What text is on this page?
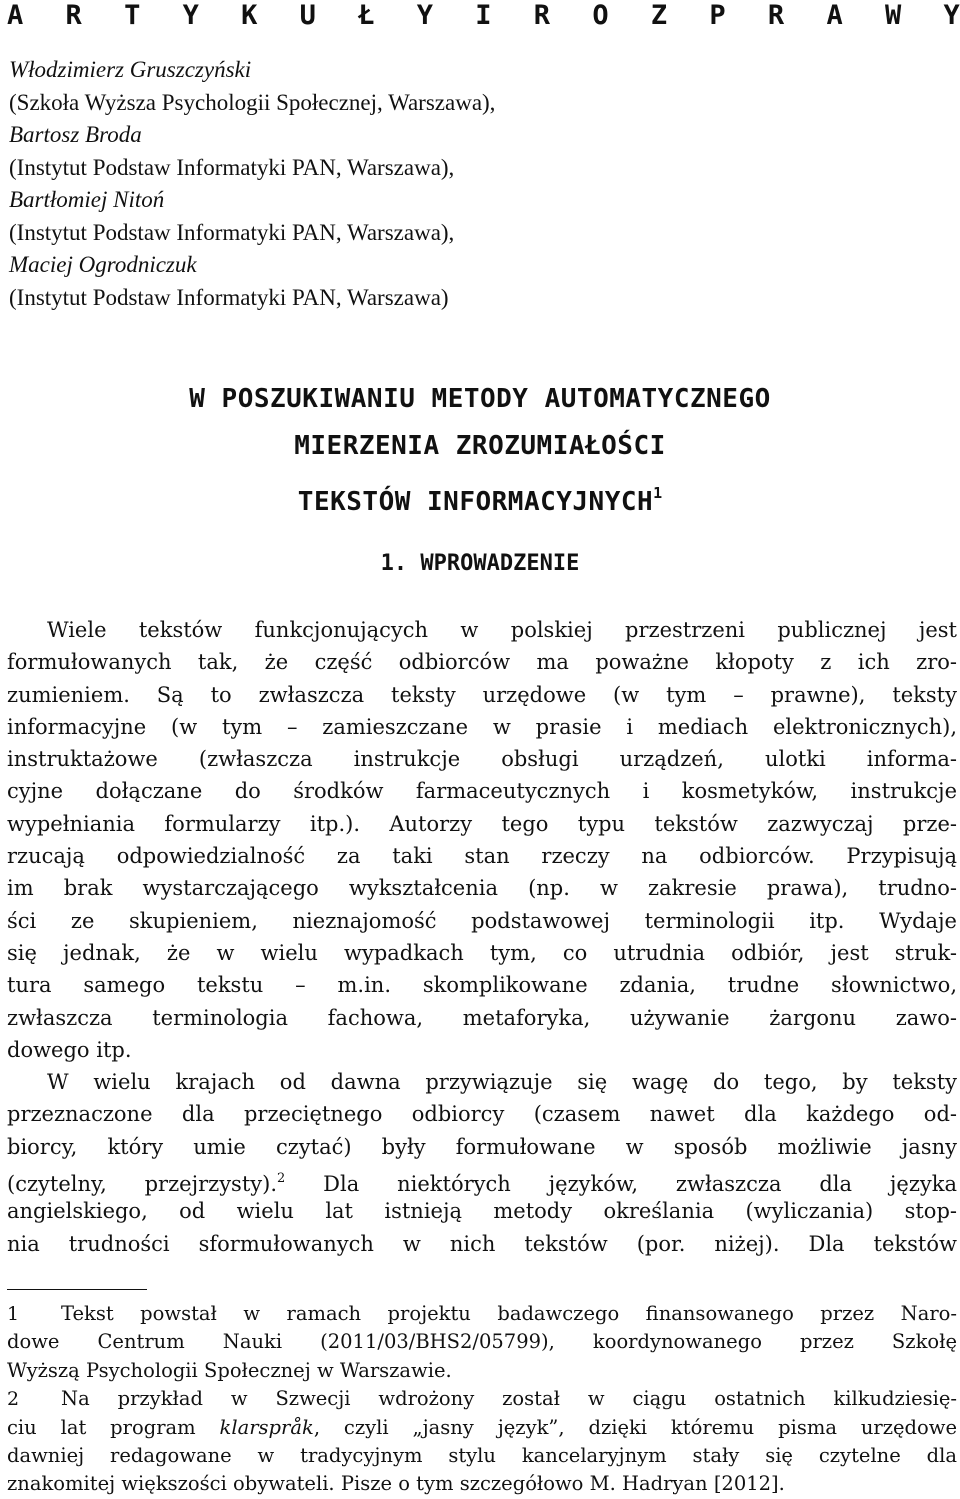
A R T Y K U Ł Y I R O Z P R A W Y
Włodzimierz Gruszczyński
(Szkoła Wyższa Psychologii Społecznej, Warszawa),
Bartosz Broda
(Instytut Podstaw Informatyki PAN, Warszawa),
Bartłomiej Nitoń
(Instytut Podstaw Informatyki PAN, Warszawa),
Maciej Ogrodniczuk
(Instytut Podstaw Informatyki PAN, Warszawa)
W POSZUKIWANIU METODY AUTOMATYCZNEGO
MIERZENIA ZROZUMIAŁOŚCI
TEKSTÓW INFORMACYJNYCH$^1$
1. WPROWADZENIE
Wiele tekstów funkcjonujących w polskiej przestrzeni publicznej jest
formułowanych tak, że część odbiorców ma poważne kłopoty z ich zro-
zumieniem. Są to zwłaszcza teksty urzędowe (w tym – prawne), teksty
informacyjne (w tym – zamieszczane w prasie i mediach elektronicznych),
instruktażowe (zwłaszcza instrukcje obsługi urządzeń, ulotki informa-
cyjne dołączane do środków farmaceutycznych i kosmetyków, instrukcje
wypełniania formularzy itp.). Autorzy tego typu tekstów zazwyczaj prze-
rzucają odpowiedzialność za taki stan rzeczy na odbiorców. Przypisują
im brak wystarczającego wykształcenia (np. w zakresie prawa), trudno-
ści ze skupieniem, nieznajomość podstawowej terminologii itp. Wydaje
się jednak, że w wielu wypadkach tym, co utrudnia odbiór, jest struk-
tura samego tekstu – m.in. skomplikowane zdania, trudne słownictwo,
zwłaszcza terminologia fachowa, metaforyka, używanie żargonu zawo-
dowego itp.
W wielu krajach od dawna przywiązuje się wagę do tego, by teksty
przeznaczone dla przeciętnego odbiorcy (czasem nawet dla każdego od-
biorcy, który umie czytać) były formułowane w sposób możliwie jasny
(czytelny, przejrzysty).$^2$ Dla niektórych języków, zwłaszcza dla języka
angielskiego, od wielu lat istnieją metody określania (wyliczania) stop-
nia trudności sformułowanych w nich tekstów (por. niżej). Dla tekstów
1 Tekst powstał w ramach projektu badawczego finansowanego przez Naro-
dowe Centrum Nauki (2011/03/BHS2/05799), koordynowanego przez Szkołę
Wyższą Psychologii Społecznej w Warszawie.
2 Na przykład w Szwecji wdrożony został w ciągu ostatnich kilkudziesię-
ciu lat program klarspråk, czyli „jasny język”, dzięki któremu pisma urzędowe
dawniej redagowane w tradycyjnym stylu kancelaryjnym stały się czytelne dla
znakomitej większości obywateli. Pisze o tym szczegółowo M. Hadryan [2012].
